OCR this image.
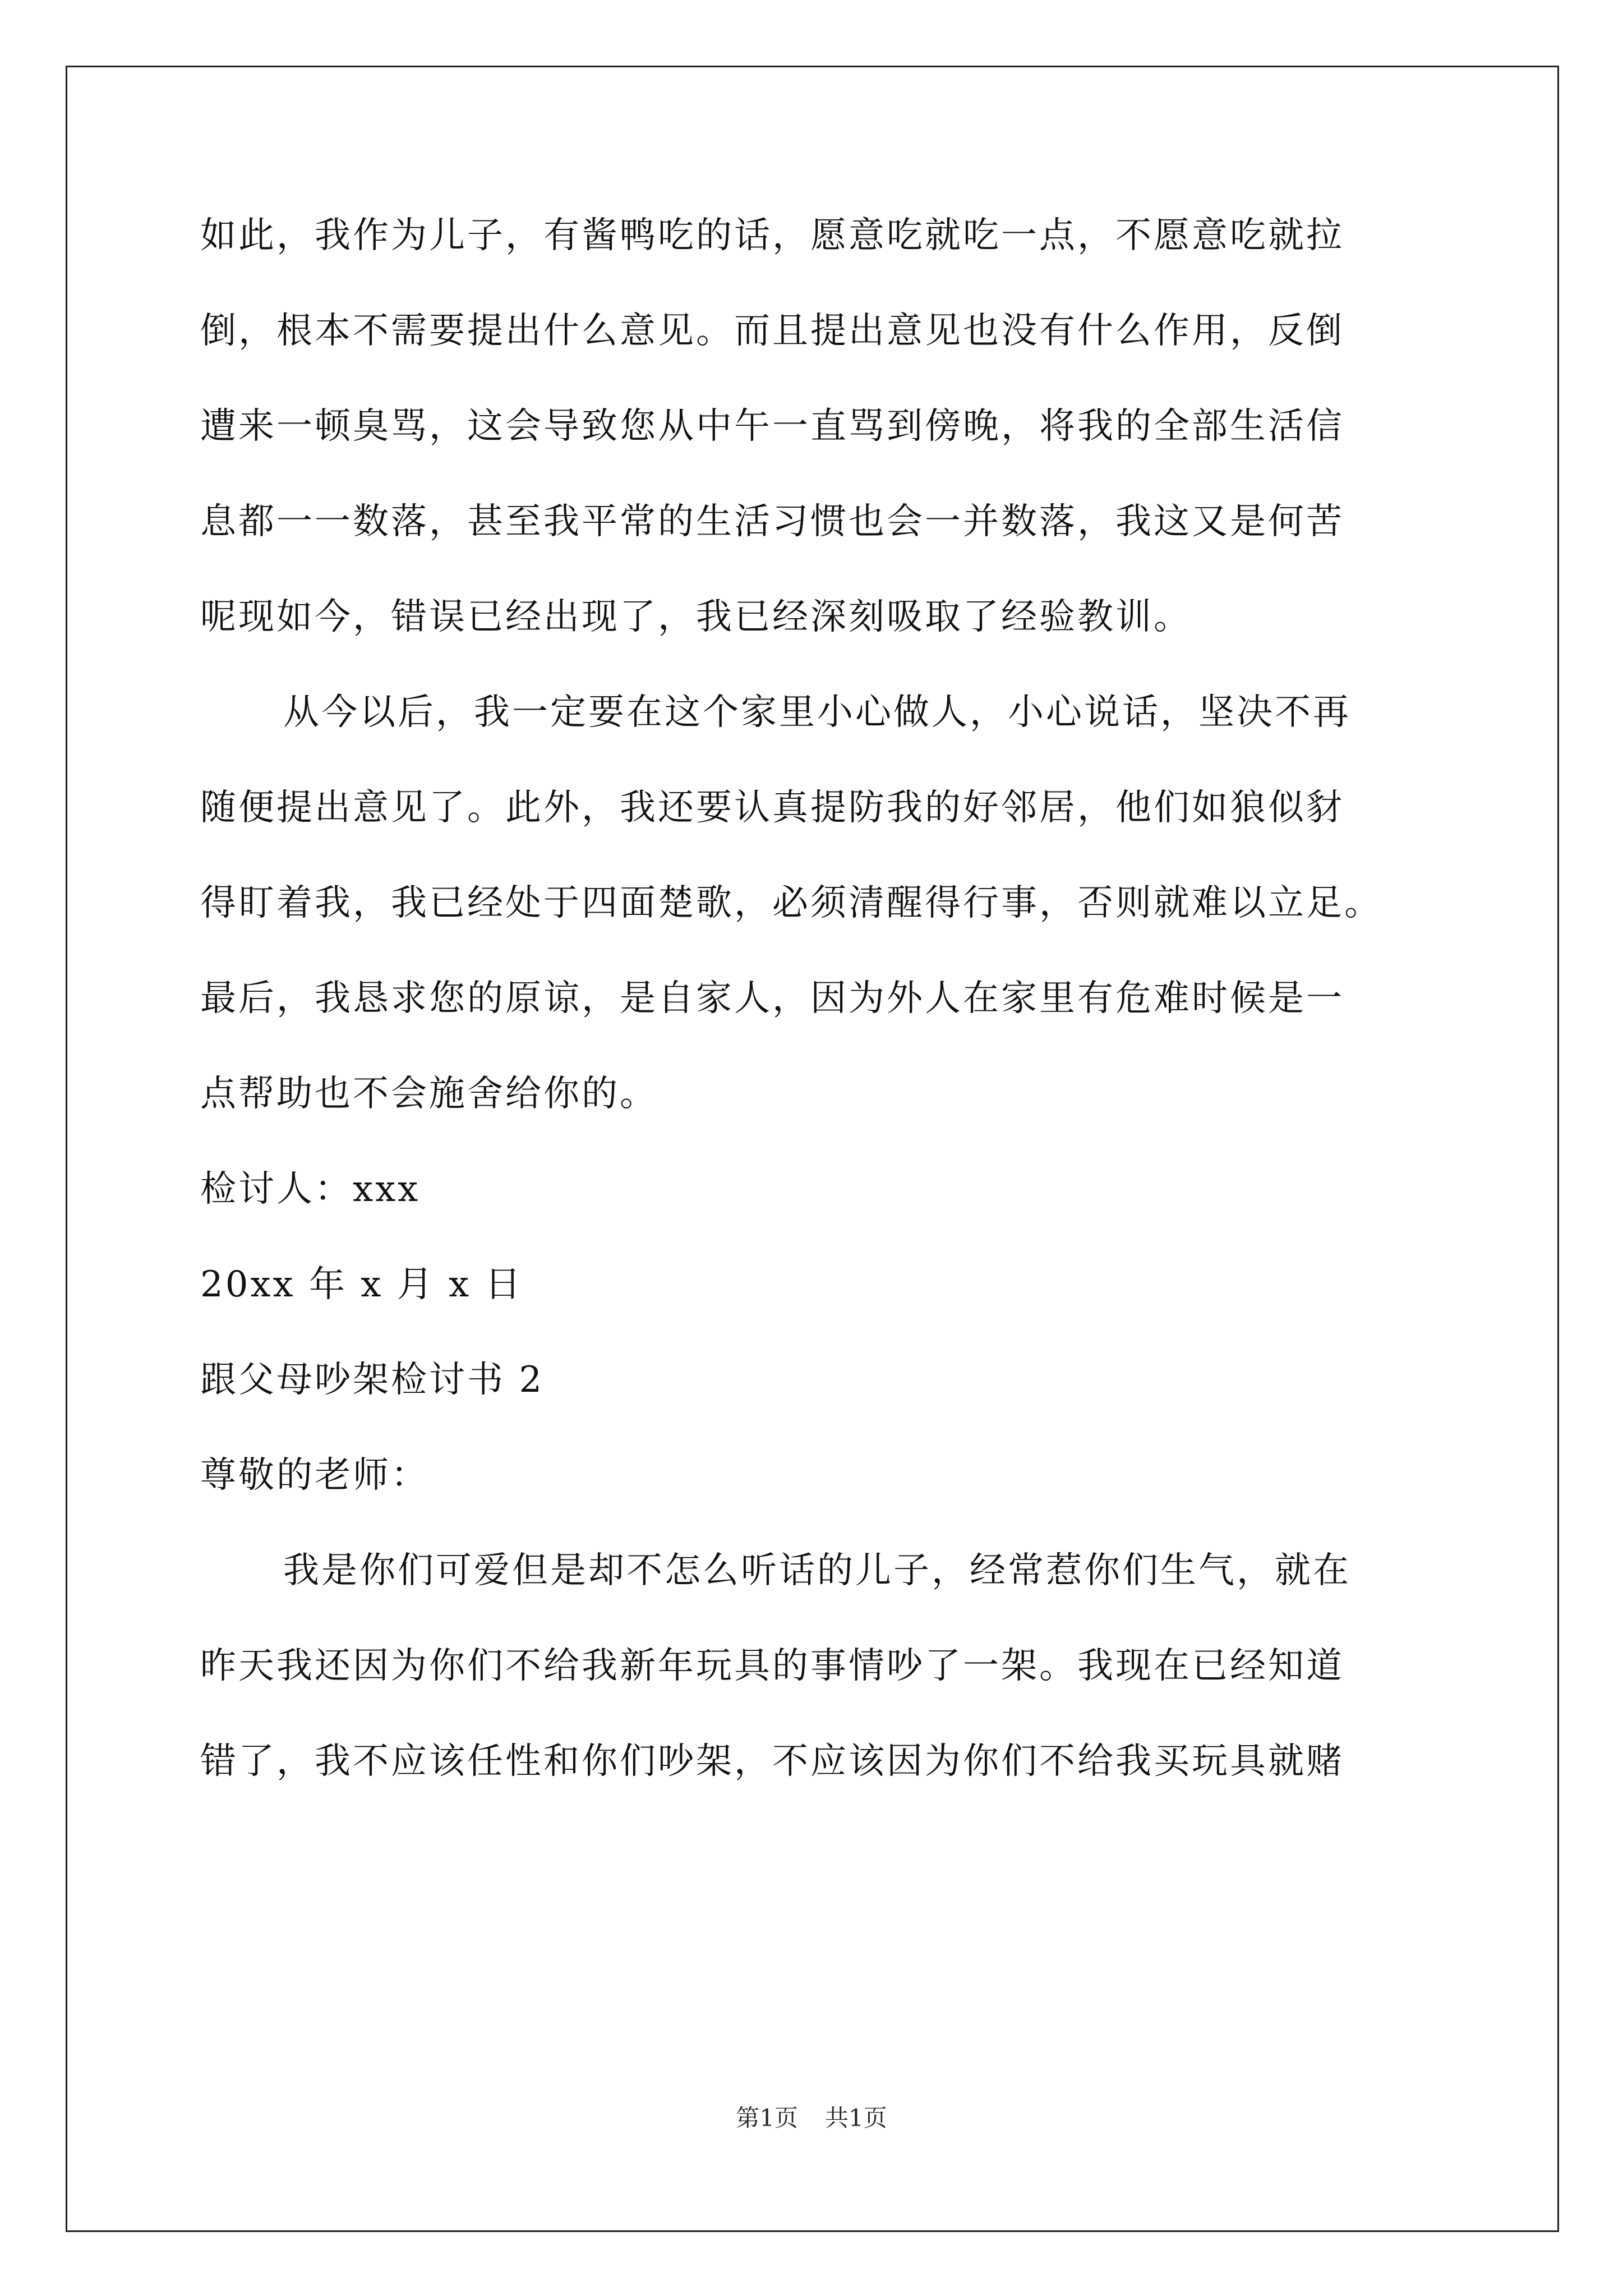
如此，我作为儿子，有酱鸭吃的话，愿意吃就吃一点，不愿意吃就拉
倒，根本不需要提出什么意见。而且提出意见也没有什么作用，反倒
遭来一顿臭骂，这会导致您从中午一直骂到傍晚，将我的全部生活信
息都一一数落，甚至我平常的生活习惯也会一并数落，我这又是何苦
呢现如今，错误已经出现了，我已经深刻吸取了经验教训。
从今以后，我一定要在这个家里小心做人，小心说话，坚决不再
随便提出意见了。此外，我还要认真提防我的好邻居，他们如狼似豺
得盯着我，我已经处于四面楚歌，必须清醒得行事，否则就难以立足。
最后，我恳求您的原谅，是自家人，因为外人在家里有危难时候是一
点帮助也不会施舍给你的。
检讨人：xxx
20xx 年 x 月 x 日
跟父母吵架检讨书 2
尊敬的老师：
我是你们可爱但是却不怎么听话的儿子，经常惹你们生气，就在
昨天我还因为你们不给我新年玩具的事情吵了一架。我现在已经知道
错了，我不应该任性和你们吵架，不应该因为你们不给我买玩具就赌
第1页 共1页
